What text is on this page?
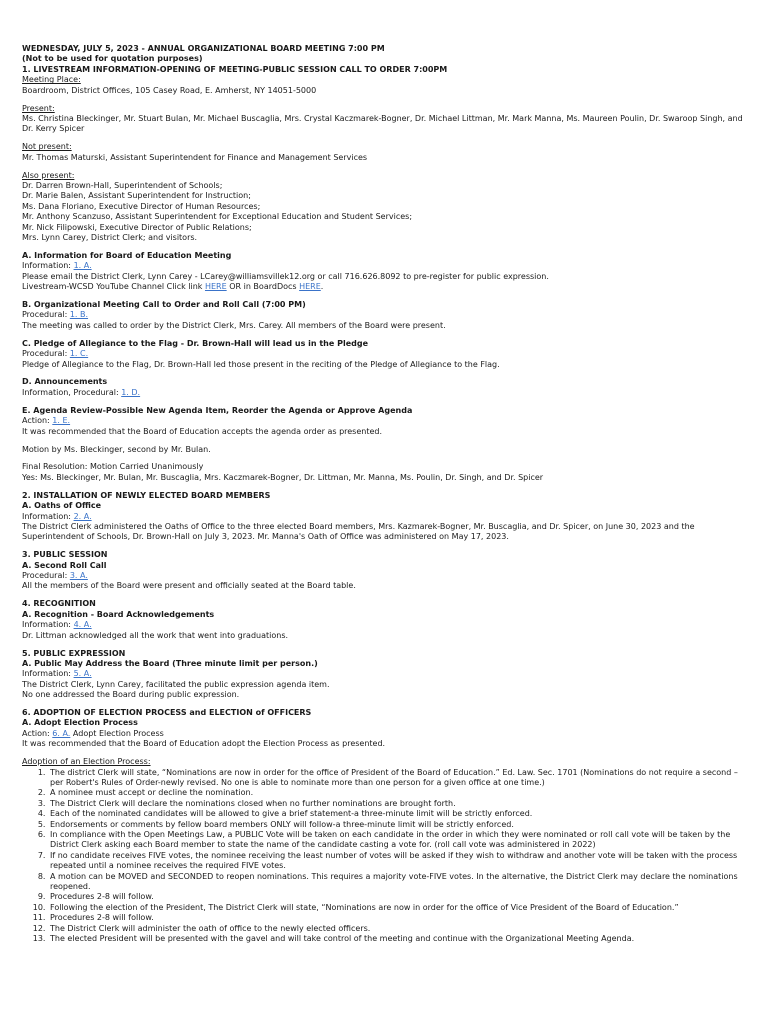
WEDNESDAY, JULY 5, 2023 - ANNUAL ORGANIZATIONAL BOARD MEETING 7:00 PM
(Not to be used for quotation purposes)
1. LIVESTREAM INFORMATION-OPENING OF MEETING-PUBLIC SESSION CALL TO ORDER 7:00PM
Meeting Place:
Boardroom, District Offices, 105 Casey Road, E. Amherst, NY 14051-5000
Present:
Ms. Christina Bleckinger, Mr. Stuart Bulan, Mr. Michael Buscaglia, Mrs. Crystal Kaczmarek-Bogner, Dr. Michael Littman, Mr. Mark Manna, Ms. Maureen Poulin, Dr. Swaroop Singh, and Dr. Kerry Spicer
Not present:
Mr. Thomas Maturski, Assistant Superintendent for Finance and Management Services
Also present:
Dr. Darren Brown-Hall, Superintendent of Schools;
Dr. Marie Balen, Assistant Superintendent for Instruction;
Ms. Dana Floriano, Executive Director of Human Resources;
Mr. Anthony Scanzuso, Assistant Superintendent for Exceptional Education and Student Services;
Mr. Nick Filipowski, Executive Director of Public Relations;
Mrs. Lynn Carey, District Clerk; and visitors.
A. Information for Board of Education Meeting
Information: 1. A.
Please email the District Clerk, Lynn Carey - LCarey@williamsvillek12.org or call 716.626.8092 to pre-register for public expression.
Livestream-WCSD YouTube Channel Click link HERE OR in BoardDocs HERE.
B. Organizational Meeting Call to Order and Roll Call (7:00 PM)
Procedural: 1. B.
The meeting was called to order by the District Clerk, Mrs. Carey. All members of the Board were present.
C. Pledge of Allegiance to the Flag - Dr. Brown-Hall will lead us in the Pledge
Procedural: 1. C.
Pledge of Allegiance to the Flag, Dr. Brown-Hall led those present in the reciting of the Pledge of Allegiance to the Flag.
D. Announcements
Information, Procedural: 1. D.
E. Agenda Review-Possible New Agenda Item, Reorder the Agenda or Approve Agenda
Action: 1. E.
It was recommended that the Board of Education accepts the agenda order as presented.
Motion by Ms. Bleckinger, second by Mr. Bulan.
Final Resolution: Motion Carried Unanimously
Yes: Ms. Bleckinger, Mr. Bulan, Mr. Buscaglia, Mrs. Kaczmarek-Bogner, Dr. Littman, Mr. Manna, Ms. Poulin, Dr. Singh, and Dr. Spicer
2. INSTALLATION OF NEWLY ELECTED BOARD MEMBERS
A. Oaths of Office
Information: 2. A.
The District Clerk administered the Oaths of Office to the three elected Board members, Mrs. Kazmarek-Bogner, Mr. Buscaglia, and Dr. Spicer, on June 30, 2023 and the Superintendent of Schools, Dr. Brown-Hall on July 3, 2023. Mr. Manna's Oath of Office was administered on May 17, 2023.
3. PUBLIC SESSION
A. Second Roll Call
Procedural: 3. A.
All the members of the Board were present and officially seated at the Board table.
4. RECOGNITION
A. Recognition - Board Acknowledgements
Information: 4. A.
Dr. Littman acknowledged all the work that went into graduations.
5. PUBLIC EXPRESSION
A. Public May Address the Board (Three minute limit per person.)
Information: 5. A.
The District Clerk, Lynn Carey, facilitated the public expression agenda item.
No one addressed the Board during public expression.
6. ADOPTION OF ELECTION PROCESS and ELECTION of OFFICERS
A. Adopt Election Process
Action: 6. A. Adopt Election Process
It was recommended that the Board of Education adopt the Election Process as presented.
Adoption of an Election Process:
1. The district Clerk will state, “Nominations are now in order for the office of President of the Board of Education.” Ed. Law. Sec. 1701 (Nominations do not require a second – per Robert's Rules of Order-newly revised. No one is able to nominate more than one person for a given office at one time.)
2. A nominee must accept or decline the nomination.
3. The District Clerk will declare the nominations closed when no further nominations are brought forth.
4. Each of the nominated candidates will be allowed to give a brief statement-a three-minute limit will be strictly enforced.
5. Endorsements or comments by fellow board members ONLY will follow-a three-minute limit will be strictly enforced.
6. In compliance with the Open Meetings Law, a PUBLIC Vote will be taken on each candidate in the order in which they were nominated or roll call vote will be taken by the District Clerk asking each Board member to state the name of the candidate casting a vote for. (roll call vote was administered in 2022)
7. If no candidate receives FIVE votes, the nominee receiving the least number of votes will be asked if they wish to withdraw and another vote will be taken with the process repeated until a nominee receives the required FIVE votes.
8. A motion can be MOVED and SECONDED to reopen nominations. This requires a majority vote-FIVE votes. In the alternative, the District Clerk may declare the nominations reopened.
9. Procedures 2-8 will follow.
10. Following the election of the President, The District Clerk will state, “Nominations are now in order for the office of Vice President of the Board of Education.”
11. Procedures 2-8 will follow.
12. The District Clerk will administer the oath of office to the newly elected officers.
13. The elected President will be presented with the gavel and will take control of the meeting and continue with the Organizational Meeting Agenda.
